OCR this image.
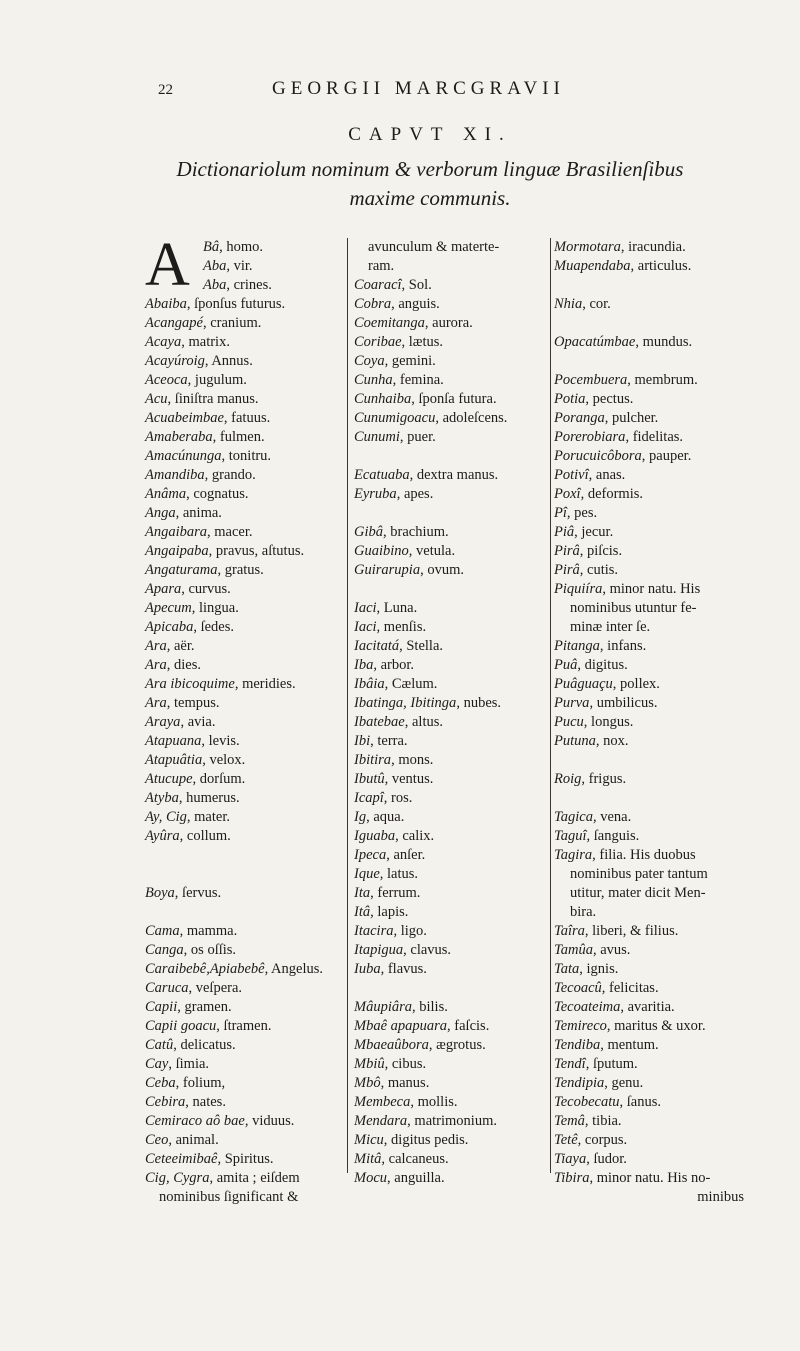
22	GEORGII MARCGRAVII
CAPVT XI.
Dictionariolum nominum & verborum linguæ Brasilienſibus
maxime communis.
A Bâ, homo.
Aba, vir.
Aba, crines.
Abaiba, ſponſus futurus.
Acangapé, cranium.
Acaya, matrix.
Acayúroig, Annus.
Aceoca, jugulum.
Acu, ſiniſtra manus.
Acuabeimbae, fatuus.
Amaberaba, fulmen.
Amacúnunga, tonitru.
Amandiba, grando.
Anâma, cognatus.
Anga, anima.
Angaibara, macer.
Angaipaba, pravus, aſtutus.
Angaturama, gratus.
Apara, curvus.
Apecum, lingua.
Apicaba, ſedes.
Ara, aër.
Ara, dies.
Ara ibicoquime, meridies.
Ara, tempus.
Araya, avia.
Atapuana, levis.
Atapuâtia, velox.
Atucupe, dorſum.
Atyba, humerus.
Ay, Cig, mater.
Ayûra, collum.
Boya, ſervus.
Cama, mamma.
Canga, os oſſis.
Caraibebê,Apiabebê, Angelus.
Caruca, veſpera.
Capii, gramen.
Capii goacu, ſtramen.
Catû, delicatus.
Cay, ſimia.
Ceba, folium,
Cebira, nates.
Cemiraco aô bae, viduus.
Ceo, animal.
Ceteeimibaê, Spiritus.
Cig, Cygra, amita ; eiſdem
nominibus ſignificant &
avunculum & materte-
ram.
Coaracî, Sol.
Cobra, anguis.
Coemitanga, aurora.
Coribae, lætus.
Coya, gemini.
Cunha, femina.
Cunhaiba, ſponſa futura.
Cunumigoacu, adoleſcens.
Cunumi, puer.
Ecatuaba, dextra manus.
Eyruba, apes.
Gibâ, brachium.
Guaibino, vetula.
Guirarupia, ovum.
Iaci, Luna.
Iaci, menſis.
Iacitatá, Stella.
Iba, arbor.
Ibâia, Cælum.
Ibatinga, Ibitinga, nubes.
Ibatebae, altus.
Ibi, terra.
Ibitira, mons.
Ibutû, ventus.
Icapî, ros.
Ig, aqua.
Iguaba, calix.
Ipeca, anſer.
Ique, latus.
Ita, ferrum.
Itâ, lapis.
Itacira, ligo.
Itapigua, clavus.
Iuba, flavus.
Mâupiâra, bilis.
Mbaê apapuara, faſcis.
Mbaeaûbora, ægrotus.
Mbiû, cibus.
Mbô, manus.
Membeca, mollis.
Mendara, matrimonium.
Micu, digitus pedis.
Mitâ, calcaneus.
Mocu, anguilla.
Mormotara, iracundia.
Muapendaba, articulus.
Nhia, cor.
Opacatúmbae, mundus.
Pocembuera, membrum.
Potia, pectus.
Poranga, pulcher.
Porerobiara, fidelitas.
Porucuicôbora, pauper.
Potivî, anas.
Poxî, deformis.
Pî, pes.
Piâ, jecur.
Pirâ, piſcis.
Pirâ, cutis.
Piquiíra, minor natu. His
nominibus utuntur fe-
minæ inter ſe.
Pitanga, infans.
Puâ, digitus.
Puâguaçu, pollex.
Purva, umbilicus.
Pucu, longus.
Putuna, nox.
Roig, frigus.
Tagica, vena.
Taguî, ſanguis.
Tagira, filia. His duobus
nominibus pater tantum
utitur, mater dicit Men-
bira.
Taîra, liberi, & filius.
Tamûa, avus.
Tata, ignis.
Tecoacû, felicitas.
Tecoateima, avaritia.
Temireco, maritus & uxor.
Tendiba, mentum.
Tendî, ſputum.
Tendipia, genu.
Tecobecatu, ſanus.
Temâ, tibia.
Tetê, corpus.
Tiaya, ſudor.
Tibira, minor natu. His no-
minibus
